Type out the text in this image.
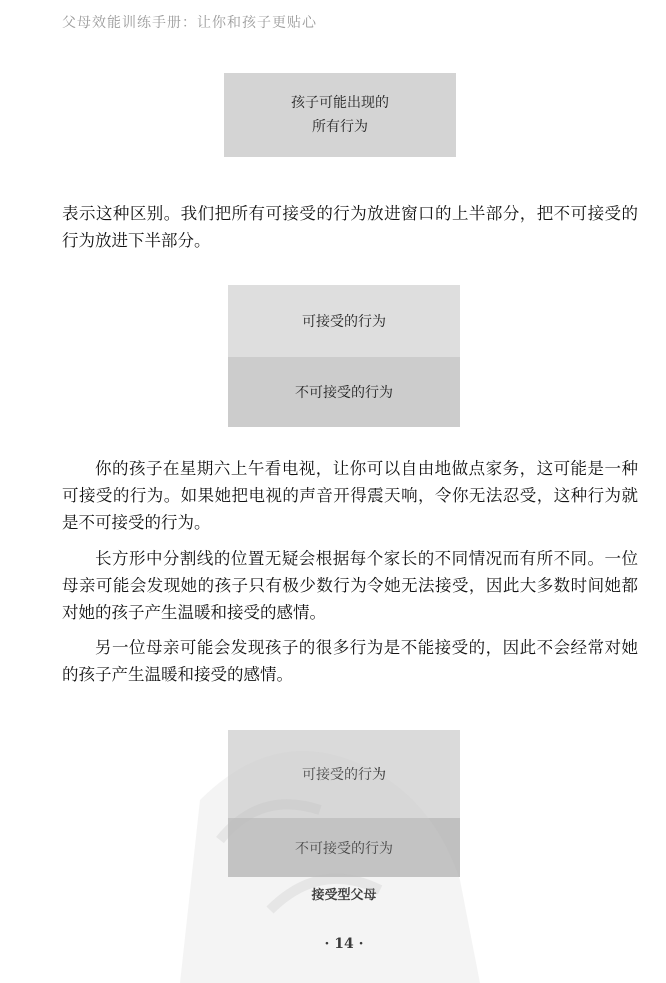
父母效能训练手册：让你和孩子更贴心
孩子可能出现的
所有行为

表示这种区别。我们把所有可接受的行为放进窗口的上半部分，把不可接受的行为放进下半部分。

可接受的行为
不可接受的行为

你的孩子在星期六上午看电视，让你可以自由地做点家务，这可能是一种可接受的行为。如果她把电视的声音开得震天响，令你无法忍受，这种行为就是不可接受的行为。

长方形中分割线的位置无疑会根据每个家长的不同情况而有所不同。一位母亲可能会发现她的孩子只有极少数行为令她无法接受，因此大多数时间她都对她的孩子产生温暖和接受的感情。

另一位母亲可能会发现孩子的很多行为是不能接受的，因此不会经常对她的孩子产生温暖和接受的感情。

可接受的行为
不可接受的行为
接受型父母
· 14 ·
